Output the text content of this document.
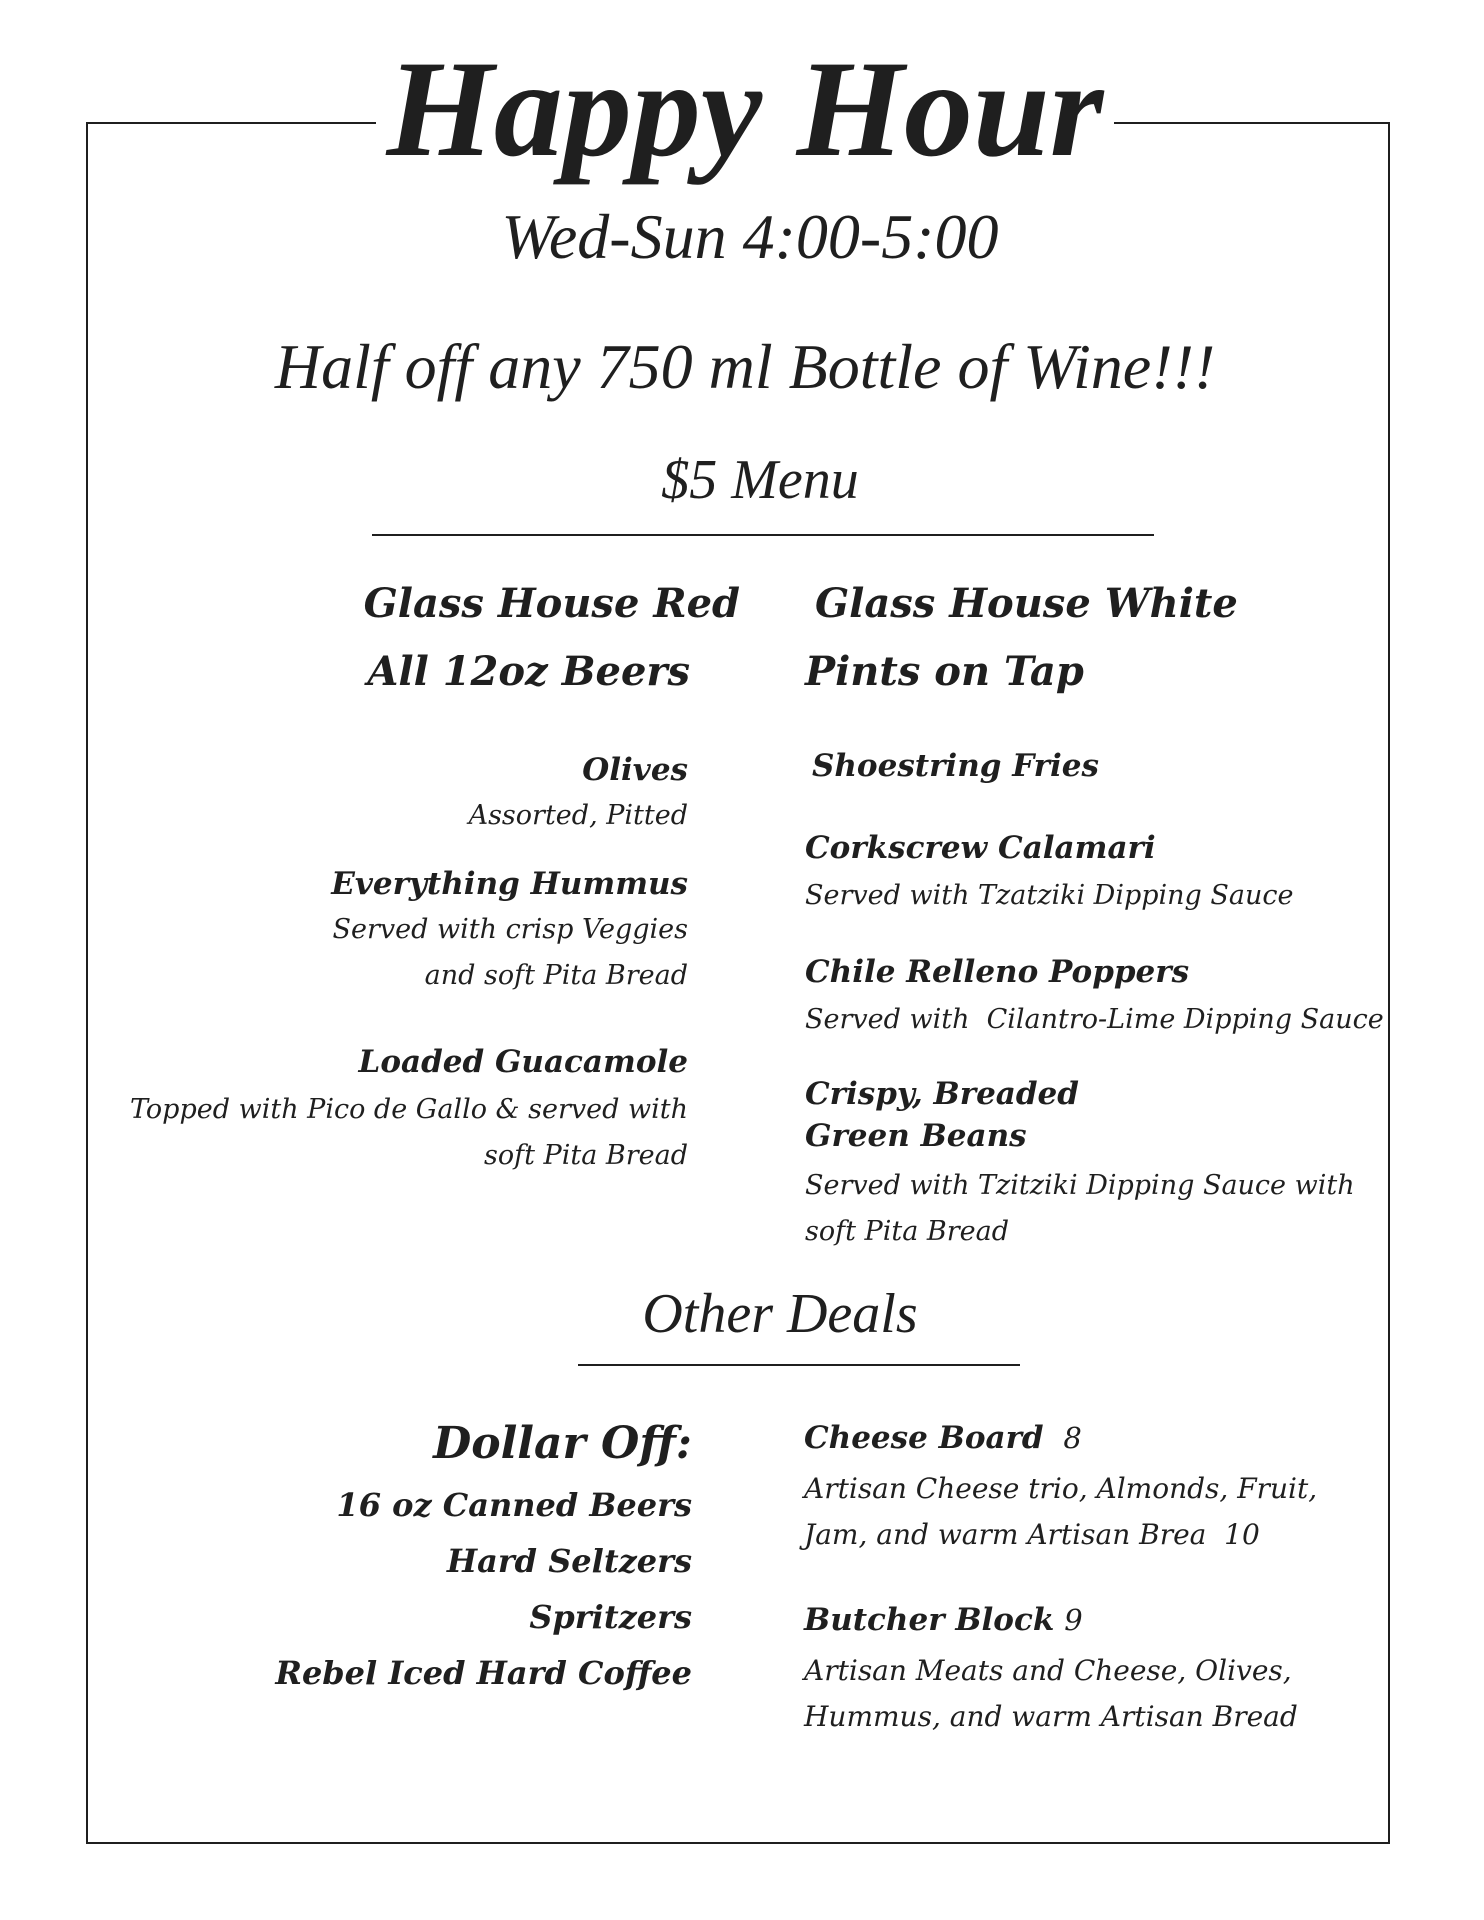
Happy Hour
Wed-Sun 4:00-5:00
Half off any 750 ml Bottle of Wine!!!
$5 Menu
Glass House Red
All 12oz Beers
Glass House White
Pints on Tap
Olives
Assorted, Pitted
Everything Hummus
Served with crisp Veggies
and soft Pita Bread
Loaded Guacamole
Topped with Pico de Gallo & served with
soft Pita Bread
Shoestring Fries
Corkscrew Calamari
Served with Tzatziki Dipping Sauce
Chile Relleno Poppers
Served with  Cilantro-Lime Dipping Sauce
Crispy, Breaded
Green Beans
Served with Tzitziki Dipping Sauce with
soft Pita Bread
Other Deals
Dollar Off:
16 oz Canned Beers
Hard Seltzers
Spritzers
Rebel Iced Hard Coffee
Cheese Board 8
Artisan Cheese trio, Almonds, Fruit,
Jam, and warm Artisan Brea  10
Butcher Block 9
Artisan Meats and Cheese, Olives,
Hummus, and warm Artisan Bread
